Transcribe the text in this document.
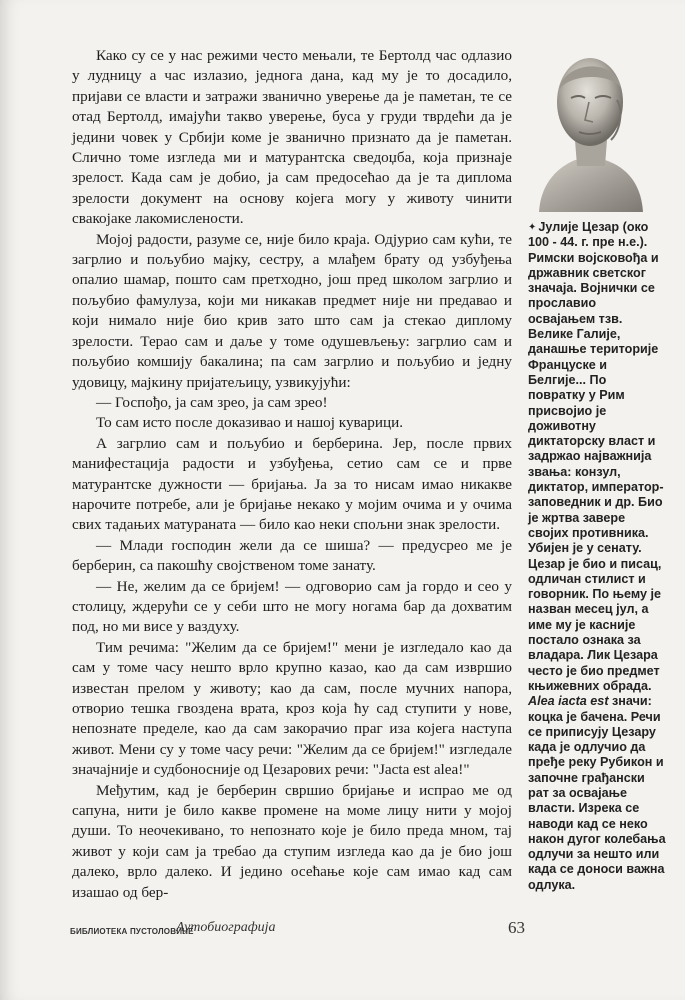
Како су се у нас режими често мењали, те Бертолд час одлазио у лудницу а час излазио, једнога дана, кад му је то досадило, пријави се власти и затражи званично уверење да је паметан, те се отад Бертолд, имајући такво уверење, буса у груди тврдећи да је једини човек у Србији коме је званично признато да је паметан. Слично томе изгледа ми и матурантска сведоџба, која признаје зрелост. Када сам је добио, ја сам предосећао да је та диплома зрелости документ на основу којега могу у животу чинити свакојаке лакомислености.

Мојој радости, разуме се, није било краја. Одјурио сам кући, те загрлио и пољубио мајку, сестру, а млађем брату од узбуђења опалио шамар, пошто сам претходно, још пред школом загрлио и пољубио фамулуза, који ми никакав предмет није ни предавао и који нимало није био крив зато што сам ја стекао диплому зрелости. Терао сам и даље у томе одушевљењу: загрлио сам и пољубио комшију бакалина; па сам загрлио и пољубио и једну удовицу, мајкину пријатељицу, узвикујући:

— Госпођо, ја сам зрео, ја сам зрео!

То сам исто после доказивао и нашој куварици.

А загрлио сам и пољубио и берберина. Јер, после првих манифестација радости и узбуђења, сетио сам се и прве матурантске дужности — бријања. Ја за то нисам имао никакве нарочите потребе, али је бријање некако у мојим очима и у очима свих тадањих матураната — било као неки спољни знак зрелости.

— Млади господин жели да се шиша? — предусрео ме је берберин, са пакошћу својственом томе занату.

— Не, желим да се бријем! — одговорио сам ја гордо и сео у столицу, ждерући се у себи што не могу ногама бар да дохватим под, но ми висе у ваздуху.

Тим речима: "Желим да се бријем!" мени је изгледало као да сам у томе часу нешто врло крупно казао, као да сам извршио известан прелом у животу; као да сам, после мучних напора, отворио тешка гвоздена врата, кроз која ћу сад ступити у нове, непознате пределе, као да сам закорачио праг иза којега наступа живот. Мени су у томе часу речи: "Желим да се бријем!" изгледале значајније и судбоносније од Цезарових речи: "Jacta est alea!"

Међутим, кад је берберин свршио бријање и испрао ме од сапуна, нити је било какве промене на моме лицу нити у мојој души. То неочекивано, то непознато које је било преда мном, тај живот у који сам ја требао да ступим изгледа као да је био још далеко, врло далеко. И једино осећање које сам имао кад сам изашао од бер-

✦ Јулије Цезар (око 100 - 44. г. пре н.е.). Римски војсковођа и државник светског значаја. Војнички се прославио освајањем тзв. Велике Галије, данашње територије Француске и Белгије... По повратку у Рим присвојио је доживотну диктаторску власт и задржао најважнија звања: конзул, диктатор, император-заповедник и др. Био је жртва завере својих противника. Убијен је у сенату. Цезар је био и писац, одличан стилист и говорник. По њему је назван месец јул, а име му је касније постало ознака за владара. Лик Цезара често је био предмет књижевних обрада. Alea iacta est значи: коцка је бачена. Речи се приписују Цезару када је одлучио да пређе реку Рубикон и започне грађански рат за освајање власти. Изрека се наводи кад се неко након дугог колебања одлучи за нешто или када се доноси важна одлука.
БИБЛИОТЕКА ПУСТОЛОВИНЕ
Аутобиографија	63
